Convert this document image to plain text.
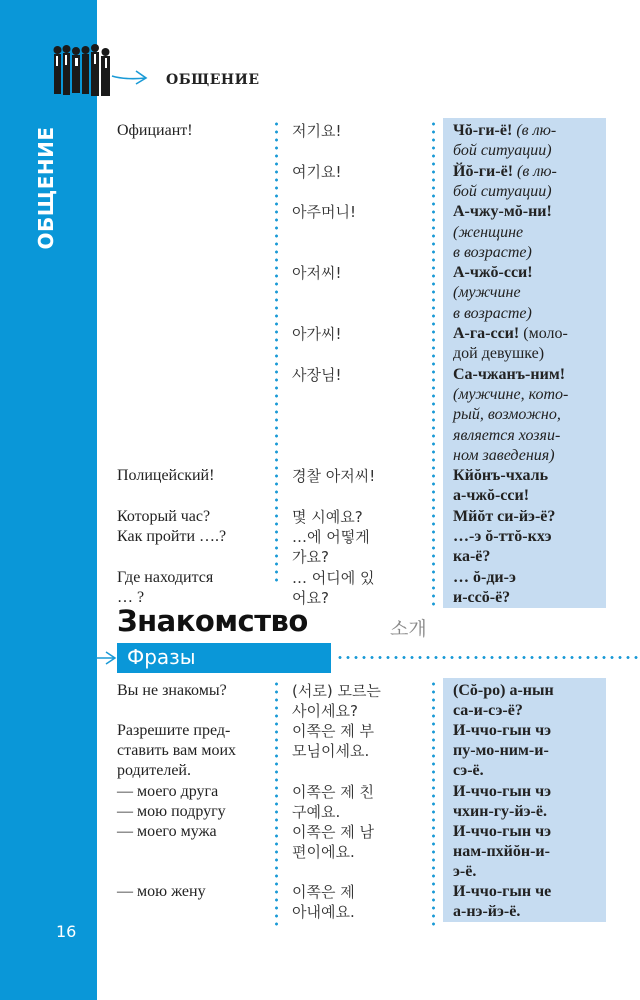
ОБЩЕНИЕ
16
ОБЩЕНИЕ
Официант!
Полицейский!
Который час?
Как пройти ….?
Где находится
… ?
저기요!
여기요!
아주머니!
아저씨!
아가씨!
사장님!
경찰 아저씨!
몇 시예요?
…에 어떻게
가요?
… 어디에 있
어요?
Чŏ-ги-ё! (в лю-
бой ситуации)
Йŏ-ги-ё! (в лю-
бой ситуации)
А-чжу-мŏ-ни!
(женщине
в возрасте)
А-чжŏ-сси!
(мужчине
в возрасте)
А-га-сси! (моло-
дой девушке)
Са-чжанъ-ним!
(мужчине, кото-
рый, возможно,
является хозяи-
ном заведения)
Кйŏнъ-чхаль
а-чжŏ-сси!
Мйŏт си-йэ-ё?
…-э ŏ-ттŏ-кхэ
ка-ё?
… ŏ-ди-э
и-ссŏ-ё?
Знакомство	소개
Фразы
Вы не знакомы?
Разрешите пред-
ставить вам моих
родителей.
— моего друга
— мою подругу
— моего мужа
— мою жену
(서로) 모르는
사이세요?
이쪽은 제 부
모님이세요.
이쪽은 제 친
구예요.
이쪽은 제 남
편이에요.
이쪽은 제
아내예요.
(Сŏ-ро) а-нын
са-и-сэ-ё?
И-ччо-гын чэ
пу-мо-ним-и-
сэ-ё.
И-ччо-гын чэ
чхин-гу-йэ-ё.
И-ччо-гын чэ
нам-пхйŏн-и-
э-ё.
И-ччо-гын че
а-нэ-йэ-ё.
